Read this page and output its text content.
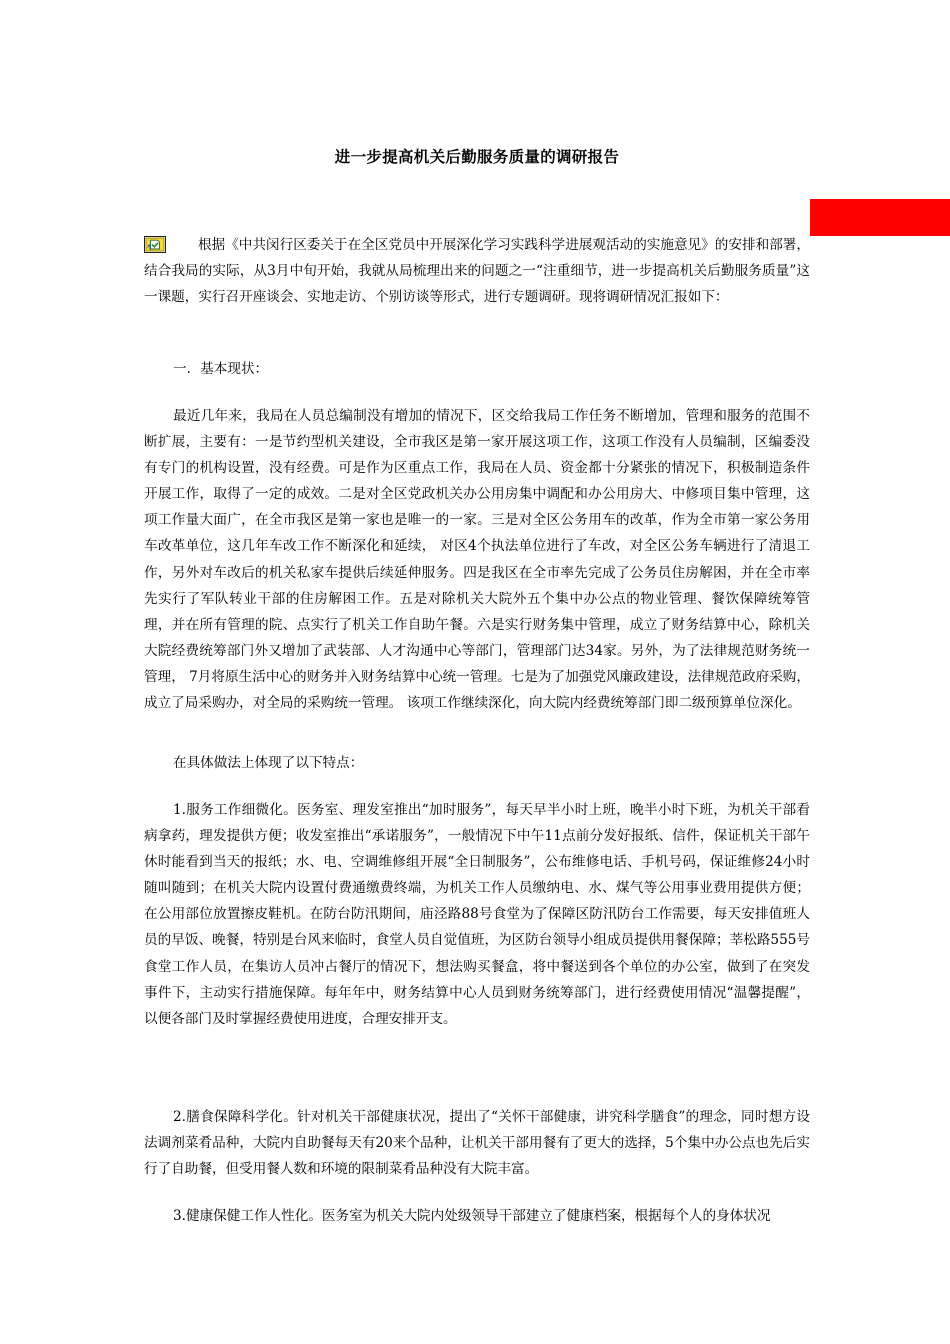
进一步提高机关后勤服务质量的调研报告

根据《中共闵行区委关于在全区党员中开展深化学习实践科学进展观活动的实施意见》的安排和部署，结合我局的实际，从3月中旬开始，我就从局梳理出来的问题之一“注重细节，进一步提高机关后勤服务质量”这一课题，实行召开座谈会、实地走访、个别访谈等形式，进行专题调研。现将调研情况汇报如下：

一．基本现状：

最近几年来，我局在人员总编制没有增加的情况下，区交给我局工作任务不断增加，管理和服务的范围不断扩展，主要有：一是节约型机关建设，全市我区是第一家开展这项工作，这项工作没有人员编制，区编委没有专门的机构设置，没有经费。可是作为区重点工作，我局在人员、资金都十分紧张的情况下，积极制造条件开展工作，取得了一定的成效。二是对全区党政机关办公用房集中调配和办公用房大、中修项目集中管理，这项工作量大面广，在全市我区是第一家也是唯一的一家。三是对全区公务用车的改革，作为全市第一家公务用车改革单位，这几年车改工作不断深化和延续， 对区4个执法单位进行了车改，对全区公务车辆进行了清退工作，另外对车改后的机关私家车提供后续延伸服务。四是我区在全市率先完成了公务员住房解困，并在全市率先实行了军队转业干部的住房解困工作。五是对除机关大院外五个集中办公点的物业管理、餐饮保障统筹管理，并在所有管理的院、点实行了机关工作自助午餐。六是实行财务集中管理，成立了财务结算中心，除机关大院经费统筹部门外又增加了武装部、人才沟通中心等部门，管理部门达34家。另外，为了法律规范财务统一管理， 7月将原生活中心的财务并入财务结算中心统一管理。七是为了加强党风廉政建设，法律规范政府采购，成立了局采购办，对全局的采购统一管理。 该项工作继续深化，向大院内经费统筹部门即二级预算单位深化。

在具体做法上体现了以下特点：

1.服务工作细微化。医务室、理发室推出“加时服务”，每天早半小时上班，晚半小时下班，为机关干部看病拿药，理发提供方便；收发室推出“承诺服务”，一般情况下中午11点前分发好报纸、信件，保证机关干部午休时能看到当天的报纸；水、电、空调维修组开展“全日制服务”，公布维修电话、手机号码，保证维修24小时随叫随到；在机关大院内设置付费通缴费终端，为机关工作人员缴纳电、水、煤气等公用事业费用提供方便；在公用部位放置擦皮鞋机。在防台防汛期间，庙泾路88号食堂为了保障区防汛防台工作需要，每天安排值班人员的早饭、晚餐，特别是台风来临时，食堂人员自觉值班，为区防台领导小组成员提供用餐保障；莘松路555号食堂工作人员，在集访人员冲占餐厅的情况下，想法购买餐盒，将中餐送到各个单位的办公室，做到了在突发事件下，主动实行措施保障。每年年中，财务结算中心人员到财务统筹部门，进行经费使用情况“温馨提醒”，以便各部门及时掌握经费使用进度，合理安排开支。

2.膳食保障科学化。针对机关干部健康状况，提出了“关怀干部健康，讲究科学膳食”的理念，同时想方设法调剂菜肴品种，大院内自助餐每天有20来个品种，让机关干部用餐有了更大的选择，5个集中办公点也先后实行了自助餐，但受用餐人数和环境的限制菜肴品种没有大院丰富。

3.健康保健工作人性化。医务室为机关大院内处级领导干部建立了健康档案，根据每个人的身体状况
